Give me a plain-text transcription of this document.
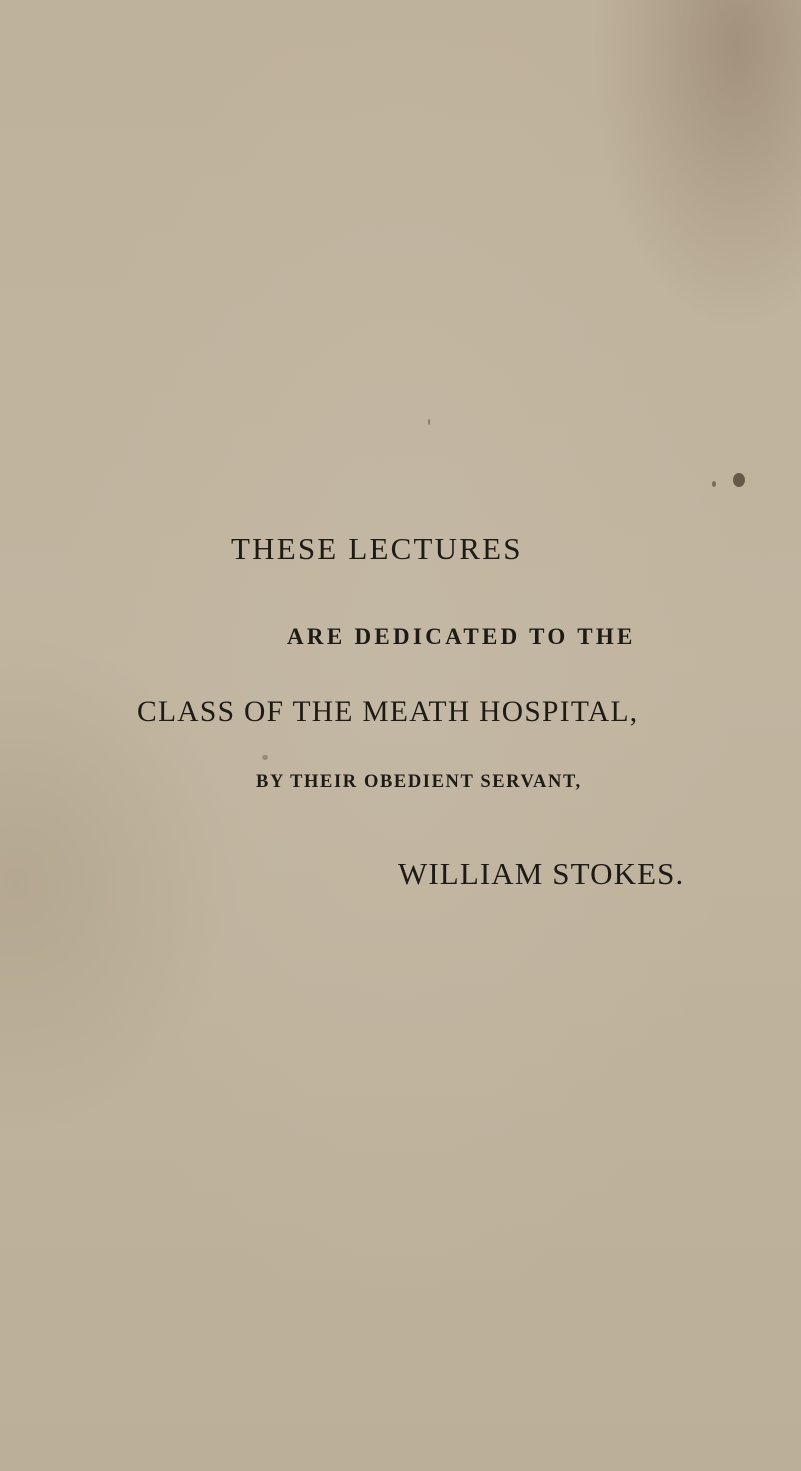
THESE LECTURES

ARE DEDICATED TO THE

CLASS OF THE MEATH HOSPITAL,

BY THEIR OBEDIENT SERVANT,

WILLIAM STOKES.
